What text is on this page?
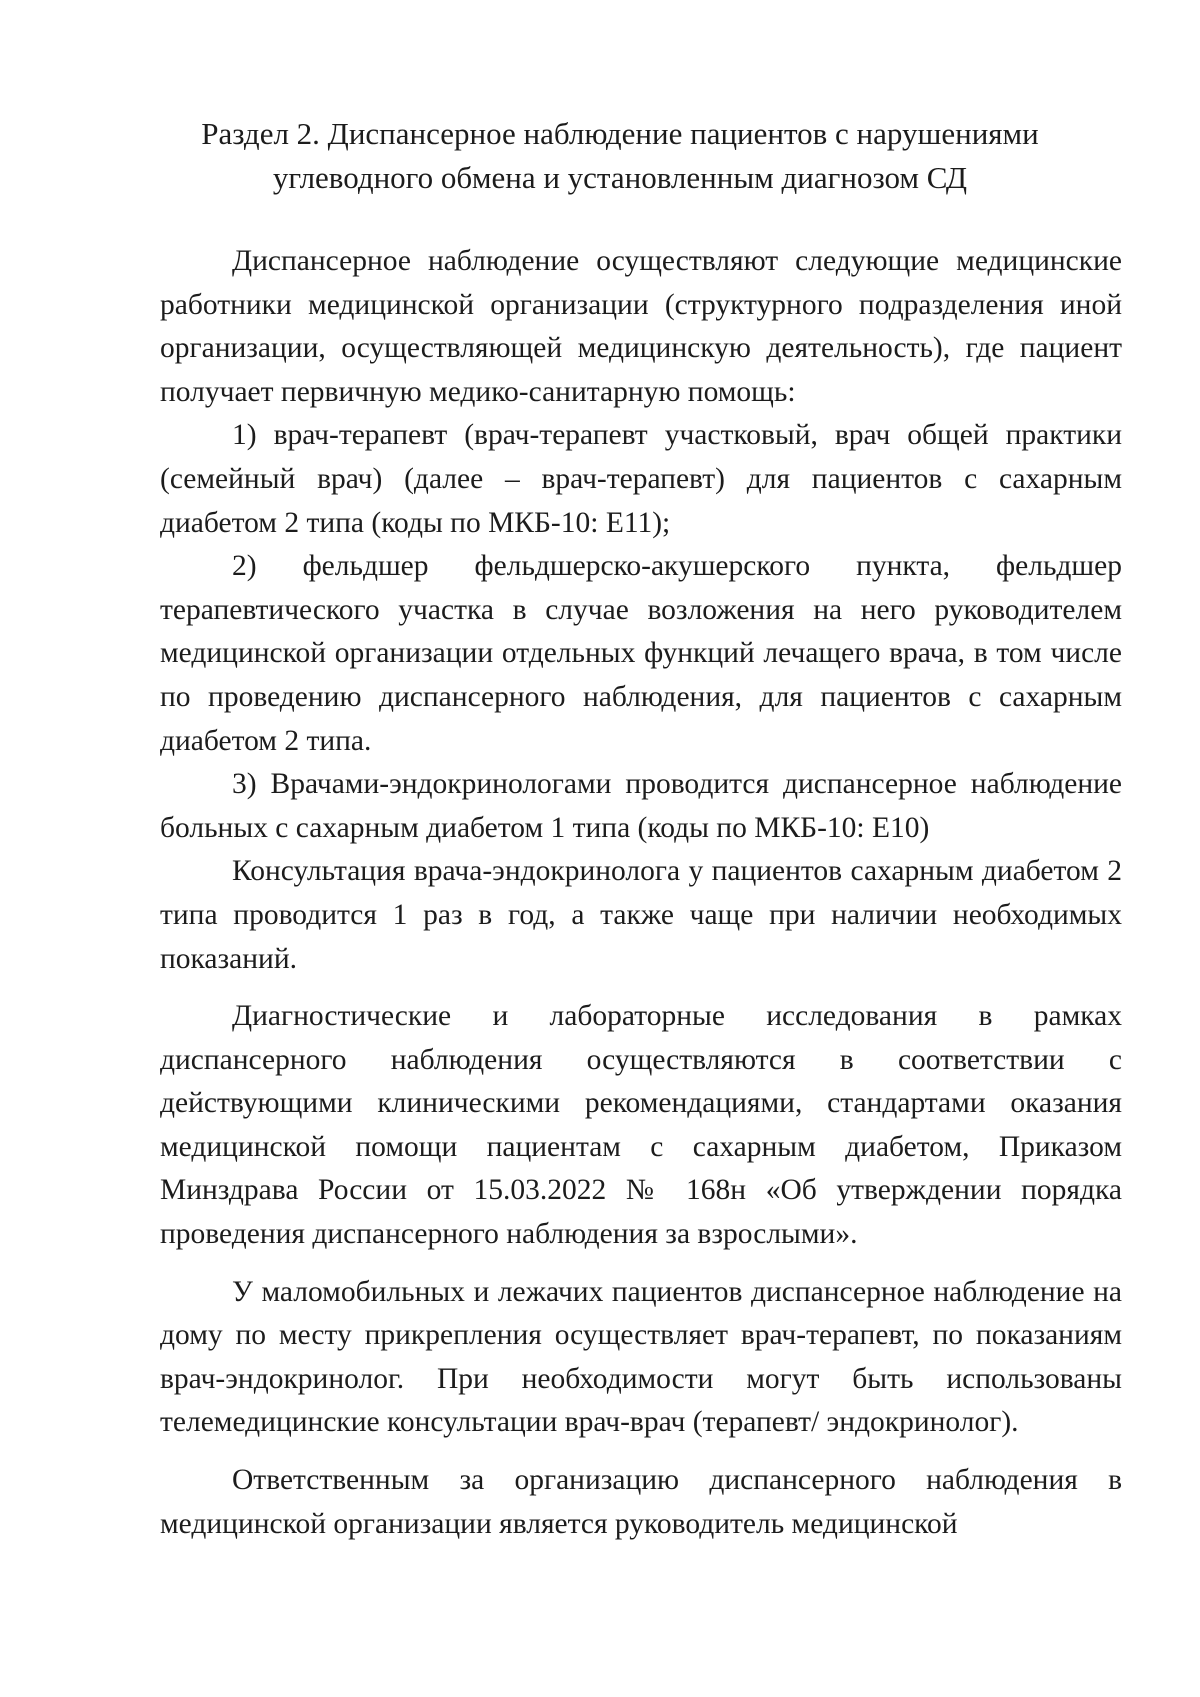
Раздел 2. Диспансерное наблюдение пациентов с нарушениями
углеводного обмена и установленным диагнозом СД

Диспансерное наблюдение осуществляют следующие медицинские работники медицинской организации (структурного подразделения иной организации, осуществляющей медицинскую деятельность), где пациент получает первичную медико-санитарную помощь:

1) врач-терапевт (врач-терапевт участковый, врач общей практики (семейный врач) (далее – врач-терапевт) для пациентов с сахарным диабетом 2 типа (коды по МКБ-10: E11);

2) фельдшер фельдшерско-акушерского пункта, фельдшер терапевтического участка в случае возложения на него руководителем медицинской организации отдельных функций лечащего врача, в том числе по проведению диспансерного наблюдения, для пациентов с сахарным диабетом 2 типа.

3) Врачами-эндокринологами проводится диспансерное наблюдение больных с сахарным диабетом 1 типа (коды по МКБ-10: E10)

Консультация врача-эндокринолога у пациентов сахарным диабетом 2 типа проводится 1 раз в год, а также чаще при наличии необходимых показаний.

Диагностические и лабораторные исследования в рамках диспансерного наблюдения осуществляются в соответствии с действующими клиническими рекомендациями, стандартами оказания медицинской помощи пациентам с сахарным диабетом, Приказом Минздрава России от 15.03.2022 № 168н «Об утверждении порядка проведения диспансерного наблюдения за взрослыми».

У маломобильных и лежачих пациентов диспансерное наблюдение на дому по месту прикрепления осуществляет врач-терапевт, по показаниям врач-эндокринолог. При необходимости могут быть использованы телемедицинские консультации врач-врач (терапевт/ эндокринолог).

Ответственным за организацию диспансерного наблюдения в медицинской организации является руководитель медицинской
